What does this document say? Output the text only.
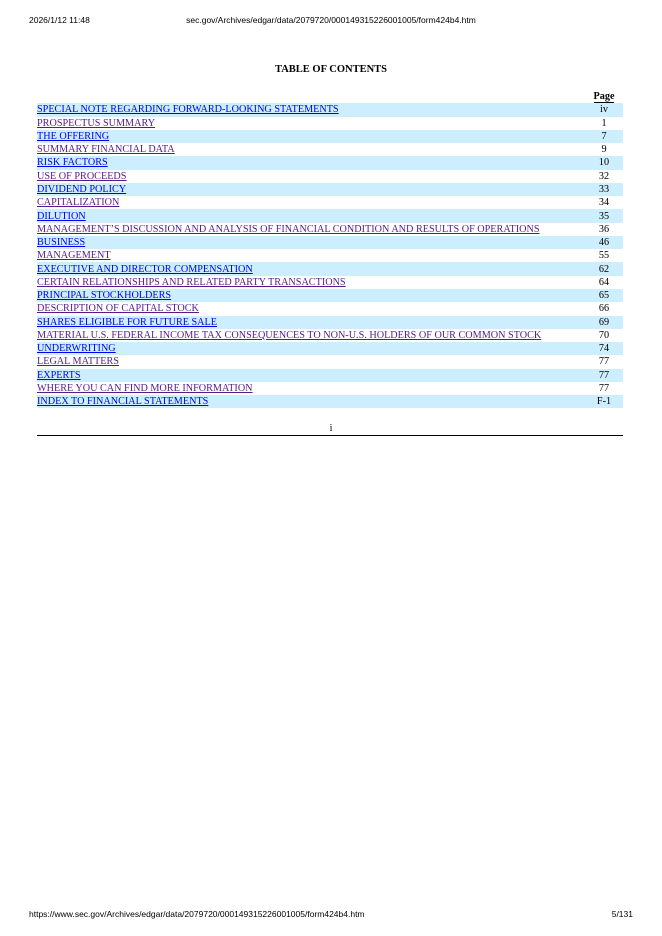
2026/1/12 11:48	sec.gov/Archives/edgar/data/2079720/000149315226001005/form424b4.htm
TABLE OF CONTENTS
	Page
SPECIAL NOTE REGARDING FORWARD-LOOKING STATEMENTS	iv

PROSPECTUS SUMMARY	1

THE OFFERING	7

SUMMARY FINANCIAL DATA	9

RISK FACTORS	10

USE OF PROCEEDS	32

DIVIDEND POLICY	33

CAPITALIZATION	34

DILUTION	35

MANAGEMENT’S DISCUSSION AND ANALYSIS OF FINANCIAL CONDITION AND RESULTS OF OPERATIONS	36

BUSINESS	46

MANAGEMENT	55

EXECUTIVE AND DIRECTOR COMPENSATION	62

CERTAIN RELATIONSHIPS AND RELATED PARTY TRANSACTIONS	64

PRINCIPAL STOCKHOLDERS	65

DESCRIPTION OF CAPITAL STOCK	66

SHARES ELIGIBLE FOR FUTURE SALE	69

MATERIAL U.S. FEDERAL INCOME TAX CONSEQUENCES TO NON-U.S. HOLDERS OF OUR COMMON STOCK	70

UNDERWRITING	74

LEGAL MATTERS	77

EXPERTS	77

WHERE YOU CAN FIND MORE INFORMATION	77

INDEX TO FINANCIAL STATEMENTS	F-1
i
https://www.sec.gov/Archives/edgar/data/2079720/000149315226001005/form424b4.htm	5/131
